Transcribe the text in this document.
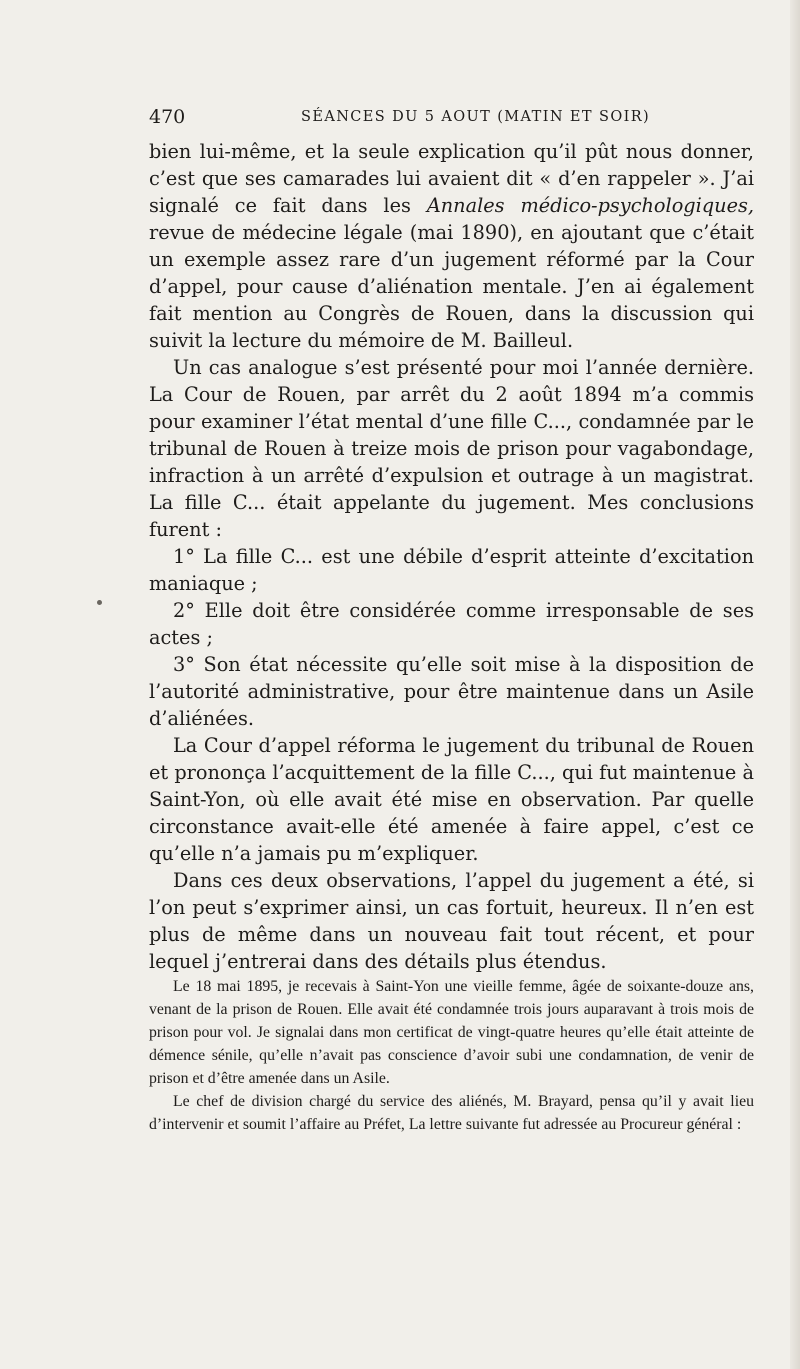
470	SÉANCES DU 5 AOUT (MATIN ET SOIR)

bien lui-même, et la seule explication qu’il pût nous donner, c’est que ses camarades lui avaient dit « d’en rappeler ». J’ai signalé ce fait dans les Annales médico-psychologiques, revue de médecine légale (mai 1890), en ajoutant que c’était un exemple assez rare d’un jugement réformé par la Cour d’appel, pour cause d’aliénation mentale. J’en ai également fait mention au Congrès de Rouen, dans la discussion qui suivit la lecture du mémoire de M. Bailleul.

Un cas analogue s’est présenté pour moi l’année dernière. La Cour de Rouen, par arrêt du 2 août 1894 m’a commis pour examiner l’état mental d’une fille C..., condamnée par le tribunal de Rouen à treize mois de prison pour vagabondage, infraction à un arrêté d’expulsion et outrage à un magistrat. La fille C... était appelante du jugement. Mes conclusions furent :

1° La fille C... est une débile d’esprit atteinte d’excitation maniaque ;

2° Elle doit être considérée comme irresponsable de ses actes ;

3° Son état nécessite qu’elle soit mise à la disposition de l’autorité administrative, pour être maintenue dans un Asile d’aliénées.

La Cour d’appel réforma le jugement du tribunal de Rouen et prononça l’acquittement de la fille C..., qui fut maintenue à Saint-Yon, où elle avait été mise en observation. Par quelle circonstance avait-elle été amenée à faire appel, c’est ce qu’elle n’a jamais pu m’expliquer.

Dans ces deux observations, l’appel du jugement a été, si l’on peut s’exprimer ainsi, un cas fortuit, heureux. Il n’en est plus de même dans un nouveau fait tout récent, et pour lequel j’entrerai dans des détails plus étendus.

Le 18 mai 1895, je recevais à Saint-Yon une vieille femme, âgée de soixante-douze ans, venant de la prison de Rouen. Elle avait été condamnée trois jours auparavant à trois mois de prison pour vol. Je signalai dans mon certificat de vingt-quatre heures qu’elle était atteinte de démence sénile, qu’elle n’avait pas conscience d’avoir subi une condamnation, de venir de prison et d’être amenée dans un Asile.

Le chef de division chargé du service des aliénés, M. Brayard, pensa qu’il y avait lieu d’intervenir et soumit l’affaire au Préfet, La lettre suivante fut adressée au Procureur général :
